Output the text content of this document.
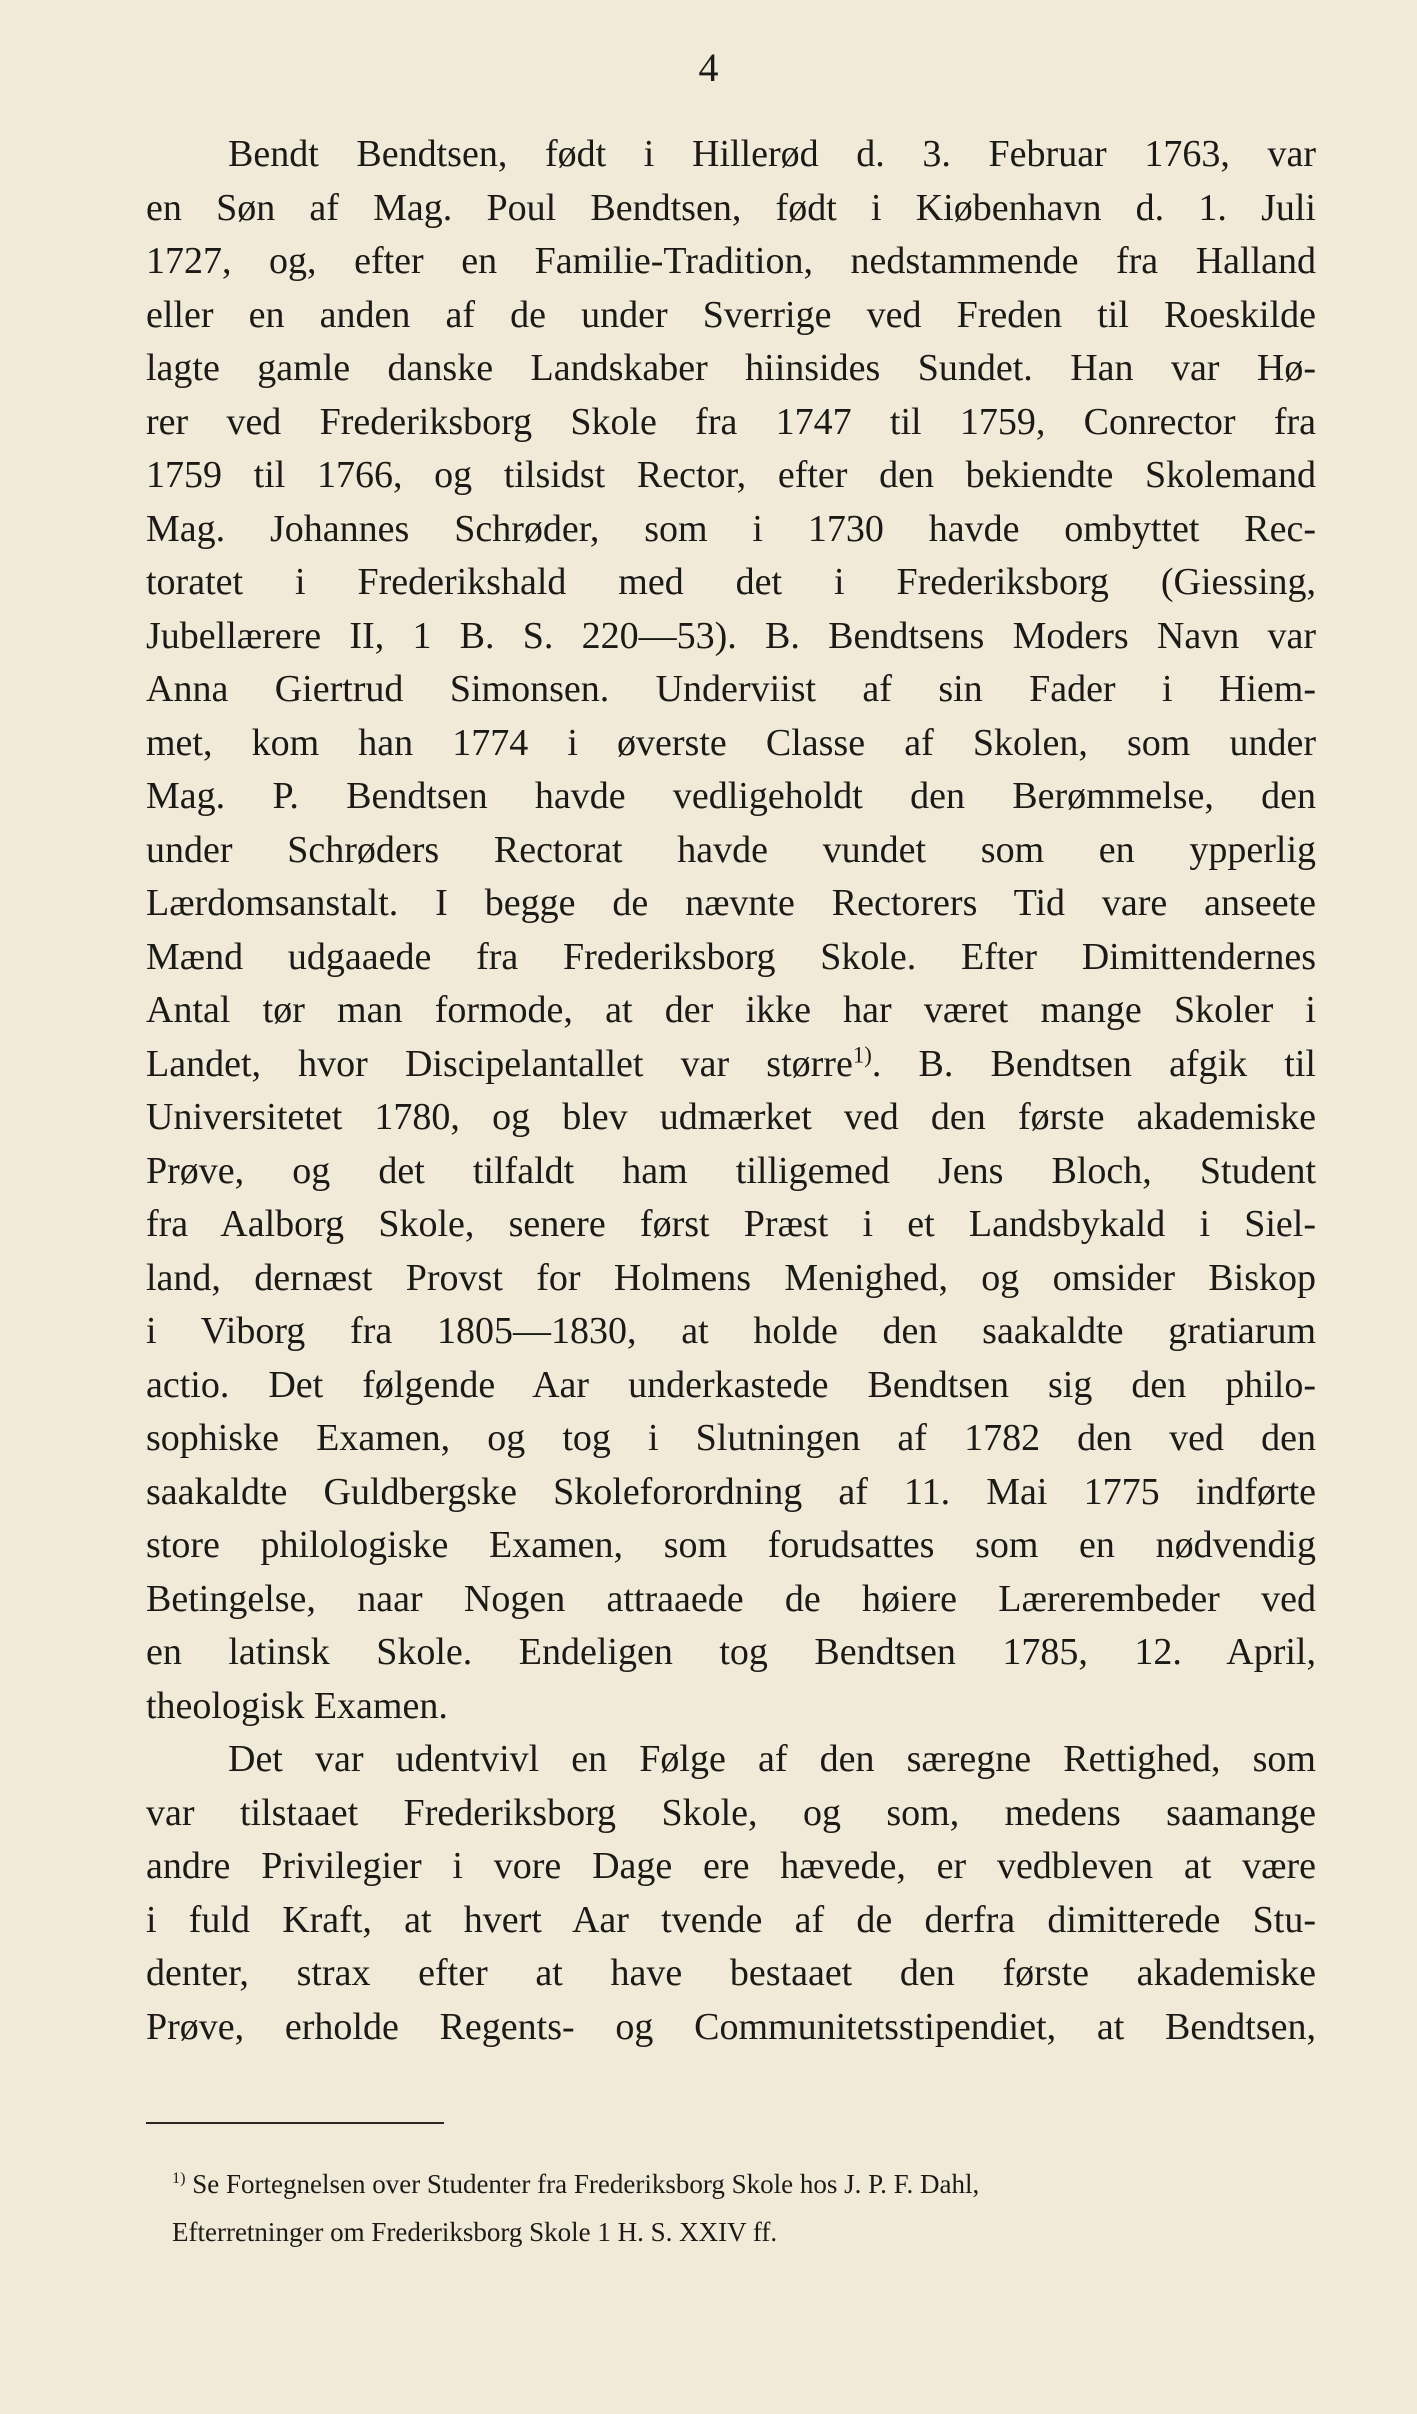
4
Bendt Bendtsen, født i Hillerød d. 3. Februar 1763, var
en Søn af Mag. Poul Bendtsen, født i Kiøbenhavn d. 1. Juli
1727, og, efter en Familie-Tradition, nedstammende fra Halland
eller en anden af de under Sverrige ved Freden til Roeskilde
lagte gamle danske Landskaber hiinsides Sundet. Han var Hø-
rer ved Frederiksborg Skole fra 1747 til 1759, Conrector fra
1759 til 1766, og tilsidst Rector, efter den bekiendte Skolemand
Mag. Johannes Schrøder, som i 1730 havde ombyttet Rec-
toratet i Frederikshald med det i Frederiksborg (Giessing,
Jubellærere II, 1 B. S. 220—53). B. Bendtsens Moders Navn var
Anna Giertrud Simonsen. Underviist af sin Fader i Hiem-
met, kom han 1774 i øverste Classe af Skolen, som under
Mag. P. Bendtsen havde vedligeholdt den Berømmelse, den
under Schrøders Rectorat havde vundet som en ypperlig
Lærdomsanstalt. I begge de nævnte Rectorers Tid vare anseete
Mænd udgaaede fra Frederiksborg Skole. Efter Dimittendernes
Antal tør man formode, at der ikke har været mange Skoler i
Landet, hvor Discipelantallet var større$^{1)}$. B. Bendtsen afgik til
Universitetet 1780, og blev udmærket ved den første akademiske
Prøve, og det tilfaldt ham tilligemed Jens Bloch, Student
fra Aalborg Skole, senere først Præst i et Landsbykald i Siel-
land, dernæst Provst for Holmens Menighed, og omsider Biskop
i Viborg fra 1805—1830, at holde den saakaldte gratiarum
actio. Det følgende Aar underkastede Bendtsen sig den philo-
sophiske Examen, og tog i Slutningen af 1782 den ved den
saakaldte Guldbergske Skoleforordning af 11. Mai 1775 indførte
store philologiske Examen, som forudsattes som en nødvendig
Betingelse, naar Nogen attraaede de høiere Lærerembeder ved
en latinsk Skole. Endeligen tog Bendtsen 1785, 12. April,
theologisk Examen.
Det var udentvivl en Følge af den særegne Rettighed, som
var tilstaaet Frederiksborg Skole, og som, medens saamange
andre Privilegier i vore Dage ere hævede, er vedbleven at være
i fuld Kraft, at hvert Aar tvende af de derfra dimitterede Stu-
denter, strax efter at have bestaaet den første akademiske
Prøve, erholde Regents- og Communitetsstipendiet, at Bendtsen,
$^{1)}$ Se Fortegnelsen over Studenter fra Frederiksborg Skole hos J. P. F. Dahl,
Efterretninger om Frederiksborg Skole 1 H. S. XXIV ff.
